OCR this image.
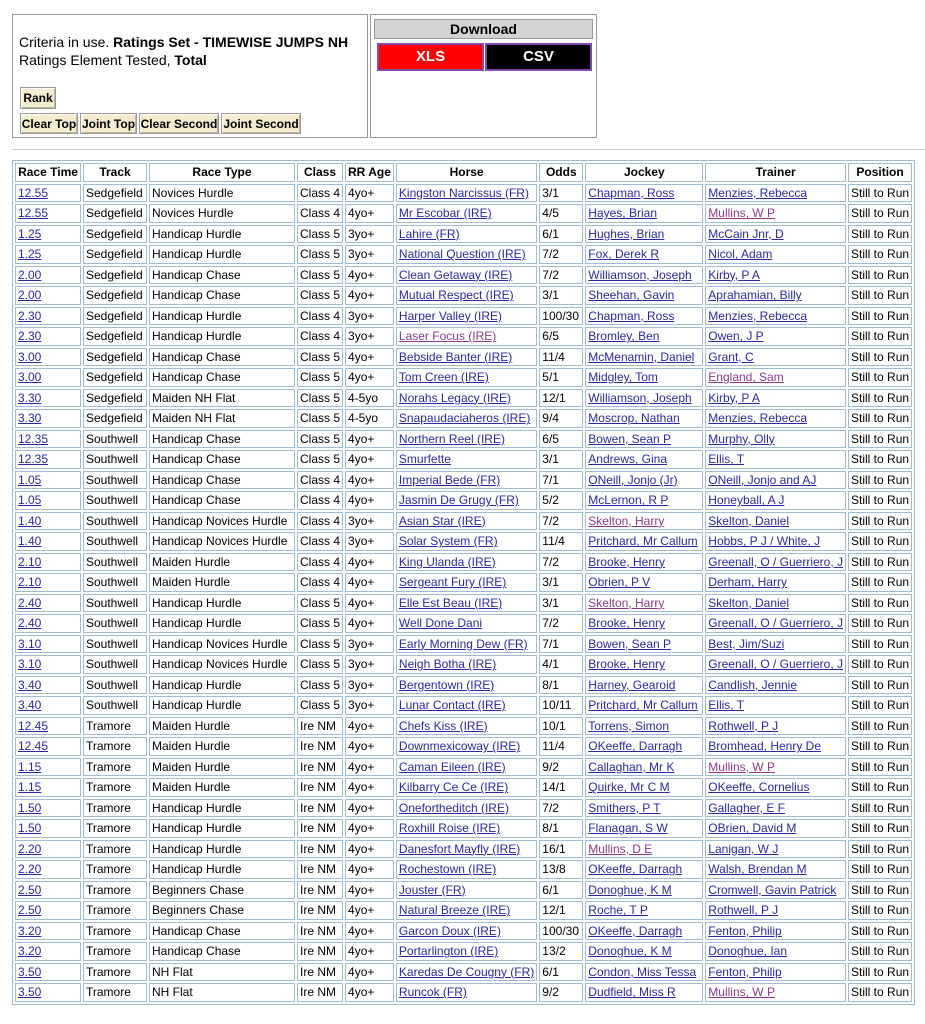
Criteria in use. Ratings Set - TIMEWISE JUMPS NH
Ratings Element Tested, Total
Rank
Clear Top Joint Top Clear Second Joint Second
Download
XLS	CSV
Race Time	Track	Race Type	Class	RR Age	Horse	Odds	Jockey	Trainer	Position
12.55	Sedgefield	Novices Hurdle	Class 4	4yo+	Kingston Narcissus (FR)	3/1	Chapman, Ross	Menzies, Rebecca	Still to Run
12.55	Sedgefield	Novices Hurdle	Class 4	4yo+	Mr Escobar (IRE)	4/5	Hayes, Brian	Mullins, W P	Still to Run
1.25	Sedgefield	Handicap Hurdle	Class 5	3yo+	Lahire (FR)	6/1	Hughes, Brian	McCain Jnr, D	Still to Run
1.25	Sedgefield	Handicap Hurdle	Class 5	3yo+	National Question (IRE)	7/2	Fox, Derek R	Nicol, Adam	Still to Run
2.00	Sedgefield	Handicap Chase	Class 5	4yo+	Clean Getaway (IRE)	7/2	Williamson, Joseph	Kirby, P A	Still to Run
2.00	Sedgefield	Handicap Chase	Class 5	4yo+	Mutual Respect (IRE)	3/1	Sheehan, Gavin	Aprahamian, Billy	Still to Run
2.30	Sedgefield	Handicap Hurdle	Class 4	3yo+	Harper Valley (IRE)	100/30	Chapman, Ross	Menzies, Rebecca	Still to Run
2.30	Sedgefield	Handicap Hurdle	Class 4	3yo+	Laser Focus (IRE)	6/5	Bromley, Ben	Owen, J P	Still to Run
3.00	Sedgefield	Handicap Chase	Class 5	4yo+	Bebside Banter (IRE)	11/4	McMenamin, Daniel	Grant, C	Still to Run
3.00	Sedgefield	Handicap Chase	Class 5	4yo+	Tom Creen (IRE)	5/1	Midgley, Tom	England, Sam	Still to Run
3.30	Sedgefield	Maiden NH Flat	Class 5	4-5yo	Norahs Legacy (IRE)	12/1	Williamson, Joseph	Kirby, P A	Still to Run
3.30	Sedgefield	Maiden NH Flat	Class 5	4-5yo	Snapaudaciaheros (IRE)	9/4	Moscrop, Nathan	Menzies, Rebecca	Still to Run
12.35	Southwell	Handicap Chase	Class 5	4yo+	Northern Reel (IRE)	6/5	Bowen, Sean P	Murphy, Olly	Still to Run
12.35	Southwell	Handicap Chase	Class 5	4yo+	Smurfette	3/1	Andrews, Gina	Ellis, T	Still to Run
1.05	Southwell	Handicap Chase	Class 4	4yo+	Imperial Bede (FR)	7/1	ONeill, Jonjo (Jr)	ONeill, Jonjo and AJ	Still to Run
1.05	Southwell	Handicap Chase	Class 4	4yo+	Jasmin De Grugy (FR)	5/2	McLernon, R P	Honeyball, A J	Still to Run
1.40	Southwell	Handicap Novices Hurdle	Class 4	3yo+	Asian Star (IRE)	7/2	Skelton, Harry	Skelton, Daniel	Still to Run
1.40	Southwell	Handicap Novices Hurdle	Class 4	3yo+	Solar System (FR)	11/4	Pritchard, Mr Callum	Hobbs, P J / White, J	Still to Run
2.10	Southwell	Maiden Hurdle	Class 4	4yo+	King Ulanda (IRE)	7/2	Brooke, Henry	Greenall, O / Guerriero, J	Still to Run
2.10	Southwell	Maiden Hurdle	Class 4	4yo+	Sergeant Fury (IRE)	3/1	Obrien, P V	Derham, Harry	Still to Run
2.40	Southwell	Handicap Hurdle	Class 5	4yo+	Elle Est Beau (IRE)	3/1	Skelton, Harry	Skelton, Daniel	Still to Run
2.40	Southwell	Handicap Hurdle	Class 5	4yo+	Well Done Dani	7/2	Brooke, Henry	Greenall, O / Guerriero, J	Still to Run
3.10	Southwell	Handicap Novices Hurdle	Class 5	3yo+	Early Morning Dew (FR)	7/1	Bowen, Sean P	Best, Jim/Suzi	Still to Run
3.10	Southwell	Handicap Novices Hurdle	Class 5	3yo+	Neigh Botha (IRE)	4/1	Brooke, Henry	Greenall, O / Guerriero, J	Still to Run
3.40	Southwell	Handicap Hurdle	Class 5	3yo+	Bergentown (IRE)	8/1	Harney, Gearoid	Candlish, Jennie	Still to Run
3.40	Southwell	Handicap Hurdle	Class 5	3yo+	Lunar Contact (IRE)	10/11	Pritchard, Mr Callum	Ellis, T	Still to Run
12.45	Tramore	Maiden Hurdle	Ire NM	4yo+	Chefs Kiss (IRE)	10/1	Torrens, Simon	Rothwell, P J	Still to Run
12.45	Tramore	Maiden Hurdle	Ire NM	4yo+	Downmexicoway (IRE)	11/4	OKeeffe, Darragh	Bromhead, Henry De	Still to Run
1.15	Tramore	Maiden Hurdle	Ire NM	4yo+	Caman Eileen (IRE)	9/2	Callaghan, Mr K	Mullins, W P	Still to Run
1.15	Tramore	Maiden Hurdle	Ire NM	4yo+	Kilbarry Ce Ce (IRE)	14/1	Quirke, Mr C M	OKeeffe, Cornelius	Still to Run
1.50	Tramore	Handicap Hurdle	Ire NM	4yo+	Onefortheditch (IRE)	7/2	Smithers, P T	Gallagher, E F	Still to Run
1.50	Tramore	Handicap Hurdle	Ire NM	4yo+	Roxhill Roise (IRE)	8/1	Flanagan, S W	OBrien, David M	Still to Run
2.20	Tramore	Handicap Hurdle	Ire NM	4yo+	Danesfort Mayfly (IRE)	16/1	Mullins, D E	Lanigan, W J	Still to Run
2.20	Tramore	Handicap Hurdle	Ire NM	4yo+	Rochestown (IRE)	13/8	OKeeffe, Darragh	Walsh, Brendan M	Still to Run
2.50	Tramore	Beginners Chase	Ire NM	4yo+	Jouster (FR)	6/1	Donoghue, K M	Cromwell, Gavin Patrick	Still to Run
2.50	Tramore	Beginners Chase	Ire NM	4yo+	Natural Breeze (IRE)	12/1	Roche, T P	Rothwell, P J	Still to Run
3.20	Tramore	Handicap Chase	Ire NM	4yo+	Garcon Doux (IRE)	100/30	OKeeffe, Darragh	Fenton, Philip	Still to Run
3.20	Tramore	Handicap Chase	Ire NM	4yo+	Portarlington (IRE)	13/2	Donoghue, K M	Donoghue, Ian	Still to Run
3.50	Tramore	NH Flat	Ire NM	4yo+	Karedas De Cougny (FR)	6/1	Condon, Miss Tessa	Fenton, Philip	Still to Run
3.50	Tramore	NH Flat	Ire NM	4yo+	Runcok (FR)	9/2	Dudfield, Miss R	Mullins, W P	Still to Run
